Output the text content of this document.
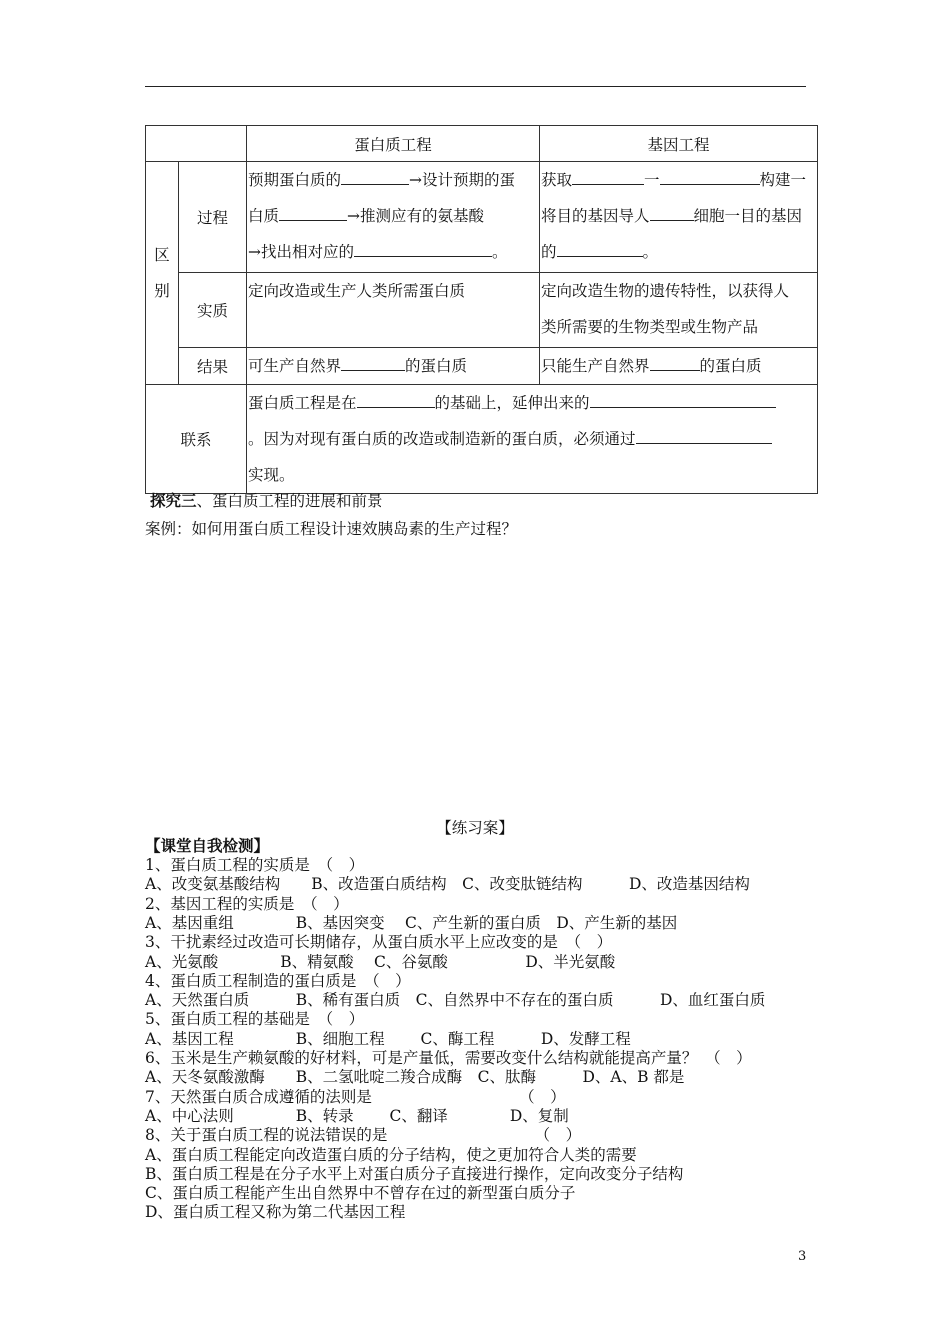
		蛋白质工程	基因工程

区
别	过程	预期蛋白质的 →设计预期的蛋
白质 →推测应有的氨基酸
→找出相对应的 。	获取 一 构建一
将目的基因导人 细胞一目的基因
的 。

	实质	定向改造或生产人类所需蛋白质	定向改造生物的遗传特性，以获得人
类所需要的生物类型或生物产品

	结果	可生产自然界 的蛋白质	只能生产自然界 的蛋白质

联系		蛋白质工程是在 的基础上，延伸出来的
。因为对现有蛋白质的改造或制造新的蛋白质，必须通过
实现。	
探究三、蛋白质工程的进展和前景
案例：如何用蛋白质工程设计速效胰岛素的生产过程？
【练习案】
【课堂自我检测】
1、蛋白质工程的实质是　（　）
A、改变氨基酸结构　　B、改造蛋白质结构　C、改变肽链结构　　　D、改造基因结构
2、基因工程的实质是　（　）
A、基因重组　　　　B、基因突变　 C、产生新的蛋白质　D、产生新的基因
3、干扰素经过改造可长期储存，从蛋白质水平上应改变的是　（　）
A、光氨酸　　　　B、精氨酸　 C、谷氨酸　　　　　D、半光氨酸
4、蛋白质工程制造的蛋白质是　（　）
A、天然蛋白质　　　B、稀有蛋白质　C、自然界中不存在的蛋白质　　　D、血红蛋白质
5、蛋白质工程的基础是　（　）
A、基因工程　　　　B、细胞工程　　 C、酶工程　　　D、发酵工程
6、玉米是生产赖氨酸的好材料，可是产量低，需要改变什么结构就能提高产量？　（　）
A、天冬氨酸激酶　　B、二氢吡啶二羧合成酶　C、肽酶　　　D、A、B 都是
7、天然蛋白质合成遵循的法则是　　　　　　　　　　（　）
A、中心法则　　　　B、转录　　 C、翻译　　　　D、复制
8、关于蛋白质工程的说法错误的是　　　　　　　　　　（　）
A、蛋白质工程能定向改造蛋白质的分子结构，使之更加符合人类的需要
B、蛋白质工程是在分子水平上对蛋白质分子直接进行操作，定向改变分子结构
C、蛋白质工程能产生出自然界中不曾存在过的新型蛋白质分子
D、蛋白质工程又称为第二代基因工程
3
